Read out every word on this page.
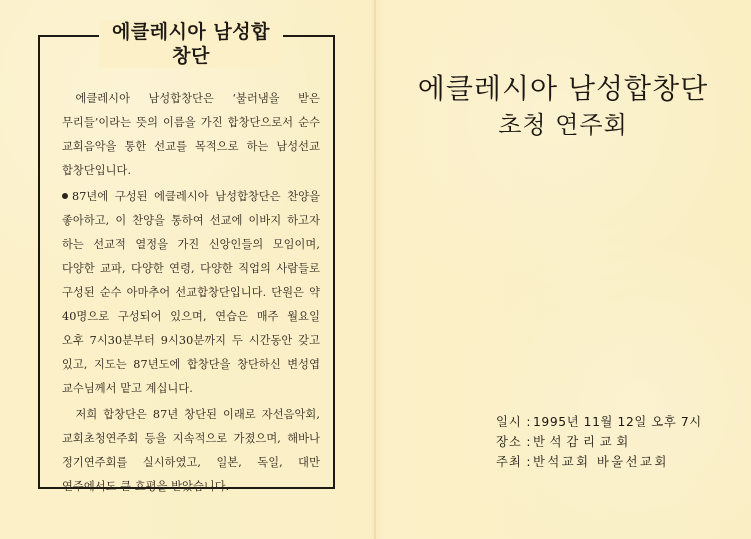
에클레시아 남성합창단

에클레시아 남성합창단은 ‘불러냄을 받은 무리들’이라는 뜻의 이름을 가진 합창단으로서 순수 교회음악을 통한 선교를 목적으로 하는 남성선교 합창단입니다.

87년에 구성된 에클레시아 남성합창단은 찬양을 좋아하고, 이 찬양을 통하여 선교에 이바지 하고자 하는 선교적 열정을 가진 신앙인들의 모임이며, 다양한 교파, 다양한 연령, 다양한 직업의 사람들로 구성된 순수 아마추어 선교합창단입니다. 단원은 약 40명으로 구성되어 있으며, 연습은 매주 월요일 오후 7시30분부터 9시30분까지 두 시간동안 갖고 있고, 지도는 87년도에 합창단을 창단하신 변성엽 교수님께서 맡고 계십니다.

저희 합창단은 87년 창단된 이래로 자선음악회, 교회초청연주회 등을 지속적으로 가졌으며, 해바나 정기연주회를 실시하였고, 일본, 독일, 대만 연주에서도 큰 호평을 받았습니다.

에클레시아 남성합창단
초청 연주회
일시 : 1995년 11월 12일 오후 7시
장소 : 반석감리교회
주최 : 반석교회 바울선교회
